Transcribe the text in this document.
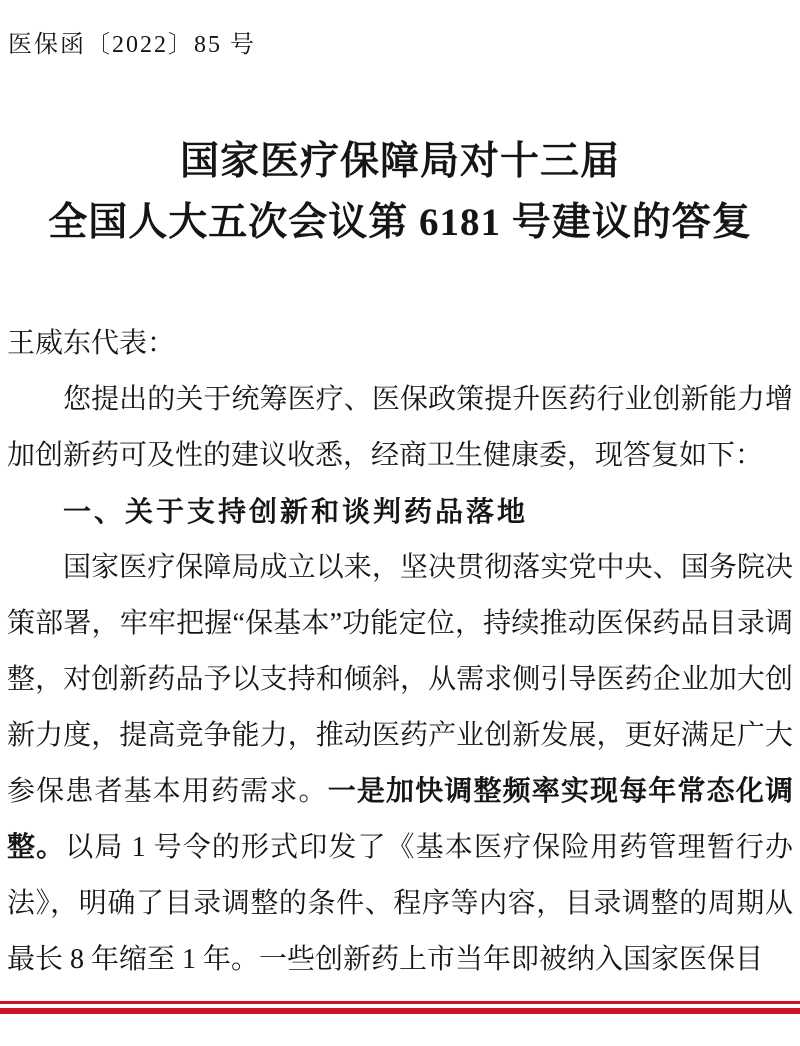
医保函〔2022〕85 号
国家医疗保障局对十三届
全国人大五次会议第 6181 号建议的答复

王威东代表：

您提出的关于统筹医疗、医保政策提升医药行业创新能力增加创新药可及性的建议收悉，经商卫生健康委，现答复如下：

一、关于支持创新和谈判药品落地

国家医疗保障局成立以来，坚决贯彻落实党中央、国务院决策部署，牢牢把握“保基本”功能定位，持续推动医保药品目录调整，对创新药品予以支持和倾斜，从需求侧引导医药企业加大创新力度，提高竞争能力，推动医药产业创新发展，更好满足广大参保患者基本用药需求。一是加快调整频率实现每年常态化调整。以局 1 号令的形式印发了《基本医疗保险用药管理暂行办法》，明确了目录调整的条件、程序等内容，目录调整的周期从最长 8 年缩至 1 年。一些创新药上市当年即被纳入国家医保目
